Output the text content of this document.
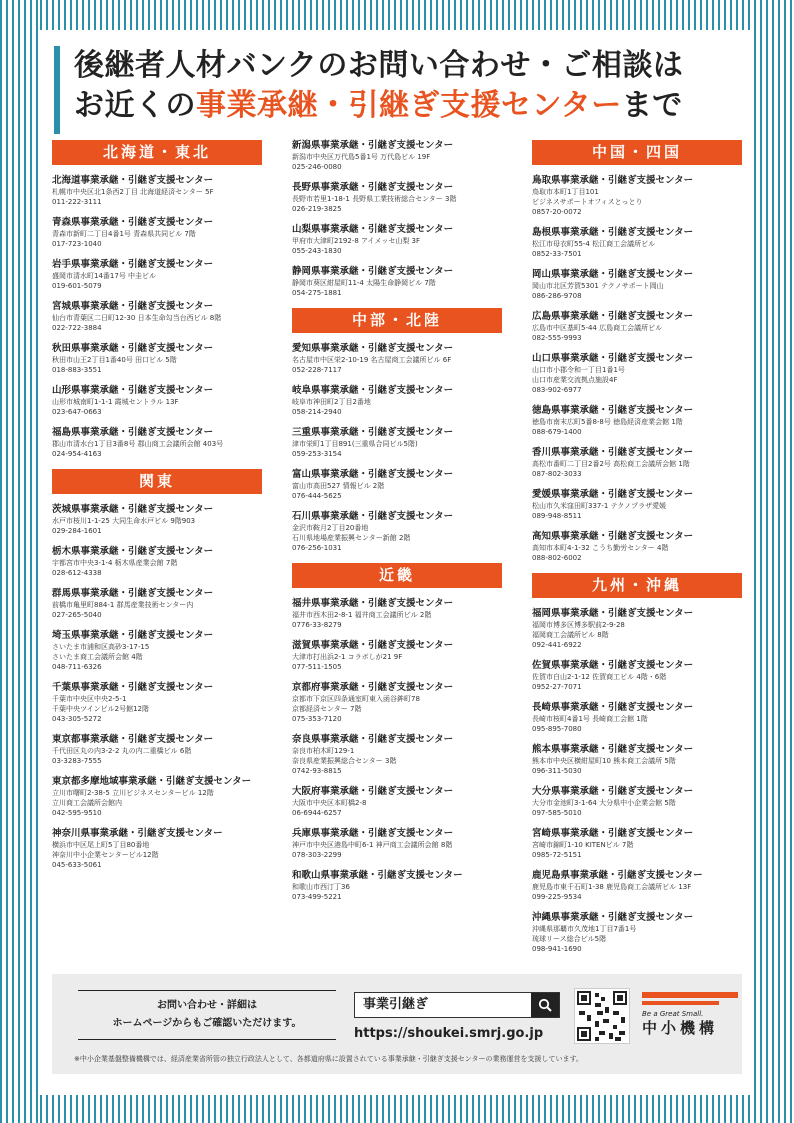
後継者人材バンクのお問い合わせ・ご相談は
お近くの事業承継・引継ぎ支援センターまで
北海道・東北
北海道事業承継・引継ぎ支援センター
札幌市中央区北1条西2丁目 北海道経済センター 5F
011-222-3111
青森県事業承継・引継ぎ支援センター
青森市新町二丁目4番1号 青森県共同ビル 7階
017-723-1040
岩手県事業承継・引継ぎ支援センター
盛岡市清水町14番17号 中圭ビル
019-601-5079
宮城県事業承継・引継ぎ支援センター
仙台市青葉区二日町12-30 日本生命勾当台西ビル 8階
022-722-3884
秋田県事業承継・引継ぎ支援センター
秋田市山王2丁目1番40号 田口ビル 5階
018-883-3551
山形県事業承継・引継ぎ支援センター
山形市城南町1-1-1 霞城セントラル 13F
023-647-0663
福島県事業承継・引継ぎ支援センター
郡山市清水台1丁目3番8号 郡山商工会議所会館 403号
024-954-4163
関東
茨城県事業承継・引継ぎ支援センター
水戸市桜川1-1-25 大同生命水戸ビル 9階903
029-284-1601
栃木県事業承継・引継ぎ支援センター
宇都宮市中央3-1-4 栃木県産業会館 7階
028-612-4338
群馬県事業承継・引継ぎ支援センター
前橋市亀里町884-1 群馬産業技術センター内
027-265-5040
埼玉県事業承継・引継ぎ支援センター
さいたま市浦和区高砂3-17-15
さいたま商工会議所会館 4階
048-711-6326
千葉県事業承継・引継ぎ支援センター
千葉市中央区中央2-5-1
千葉中央ツインビル2号館12階
043-305-5272
東京都事業承継・引継ぎ支援センター
千代田区丸の内3-2-2 丸の内二重橋ビル 6階
03-3283-7555
東京都多摩地域事業承継・引継ぎ支援センター
立川市曙町2-38-5 立川ビジネスセンタービル 12階
立川商工会議所会館内
042-595-9510
神奈川県事業承継・引継ぎ支援センター
横浜市中区尾上町5丁目80番地
神奈川中小企業センタービル12階
045-633-5061
新潟県事業承継・引継ぎ支援センター
新潟市中央区万代島5番1号 万代島ビル 19F
025-246-0080
長野県事業承継・引継ぎ支援センター
長野市若里1-18-1 長野県工業技術総合センター 3階
026-219-3825
山梨県事業承継・引継ぎ支援センター
甲府市大津町2192-8 アイメッセ山梨 3F
055-243-1830
静岡県事業承継・引継ぎ支援センター
静岡市葵区紺屋町11-4 太陽生命静岡ビル 7階
054-275-1881
中部・北陸
愛知県事業承継・引継ぎ支援センター
名古屋市中区栄2-10-19 名古屋商工会議所ビル 6F
052-228-7117
岐阜県事業承継・引継ぎ支援センター
岐阜市神田町2丁目2番地
058-214-2940
三重県事業承継・引継ぎ支援センター
津市栄町1丁目891(三重県合同ビル5階)
059-253-3154
富山県事業承継・引継ぎ支援センター
富山市高田527 情報ビル 2階
076-444-5625
石川県事業承継・引継ぎ支援センター
金沢市鞍月2丁目20番地
石川県地場産業振興センター新館 2階
076-256-1031
近畿
福井県事業承継・引継ぎ支援センター
福井市西木田2-8-1 福井商工会議所ビル 2階
0776-33-8279
滋賀県事業承継・引継ぎ支援センター
大津市打出浜2-1 コラボしが21 9F
077-511-1505
京都府事業承継・引継ぎ支援センター
京都市下京区四条通室町東入函谷鉾町78
京都経済センター 7階
075-353-7120
奈良県事業承継・引継ぎ支援センター
奈良市柏木町129-1
奈良県産業振興総合センター 3階
0742-93-8815
大阪府事業承継・引継ぎ支援センター
大阪市中央区本町橋2-8
06-6944-6257
兵庫県事業承継・引継ぎ支援センター
神戸市中央区港島中町6-1 神戸商工会議所会館 8階
078-303-2299
和歌山県事業承継・引継ぎ支援センター
和歌山市西汀丁36
073-499-5221
中国・四国
鳥取県事業承継・引継ぎ支援センター
鳥取市本町1丁目101
ビジネスサポートオフィスとっとり
0857-20-0072
島根県事業承継・引継ぎ支援センター
松江市母衣町55-4 松江商工会議所ビル
0852-33-7501
岡山県事業承継・引継ぎ支援センター
岡山市北区芳賀5301 テクノサポート岡山
086-286-9708
広島県事業承継・引継ぎ支援センター
広島市中区基町5-44 広島商工会議所ビル
082-555-9993
山口県事業承継・引継ぎ支援センター
山口市小郡令和一丁目1番1号
山口市産業交流拠点施設4F
083-902-6977
徳島県事業承継・引継ぎ支援センター
徳島市南末広町5番8-8号 徳島経済産業会館 1階
088-679-1400
香川県事業承継・引継ぎ支援センター
高松市番町二丁目2番2号 高松商工会議所会館 1階
087-802-3033
愛媛県事業承継・引継ぎ支援センター
松山市久米窪田町337-1 テクノプラザ愛媛
089-948-8511
高知県事業承継・引継ぎ支援センター
高知市本町4-1-32 こうち勤労センター 4階
088-802-6002
九州・沖縄
福岡県事業承継・引継ぎ支援センター
福岡市博多区博多駅前2-9-28
福岡商工会議所ビル 8階
092-441-6922
佐賀県事業承継・引継ぎ支援センター
佐賀市白山2-1-12 佐賀商工ビル 4階・6階
0952-27-7071
長崎県事業承継・引継ぎ支援センター
長崎市桜町4番1号 長崎商工会館 1階
095-895-7080
熊本県事業承継・引継ぎ支援センター
熊本市中央区横紺屋町10 熊本商工会議所 5階
096-311-5030
大分県事業承継・引継ぎ支援センター
大分市金池町3-1-64 大分県中小企業会館 5階
097-585-5010
宮崎県事業承継・引継ぎ支援センター
宮崎市錦町1-10 KITENビル 7階
0985-72-5151
鹿児島県事業承継・引継ぎ支援センター
鹿児島市東千石町1-38 鹿児島商工会議所ビル 13F
099-225-9534
沖縄県事業承継・引継ぎ支援センター
沖縄県那覇市久茂地1丁目7番1号
琉球リース総合ビル5階
098-941-1690
お問い合わせ・詳細は
ホームページからもご確認いただけます。
事業引継ぎ
https://shoukei.smrj.go.jp
Be a Great Small.
中小機構
※中小企業基盤整備機構では、経済産業省所管の独立行政法人として、各都道府県に設置されている事業承継・引継ぎ支援センターの業務運営を支援しています。
